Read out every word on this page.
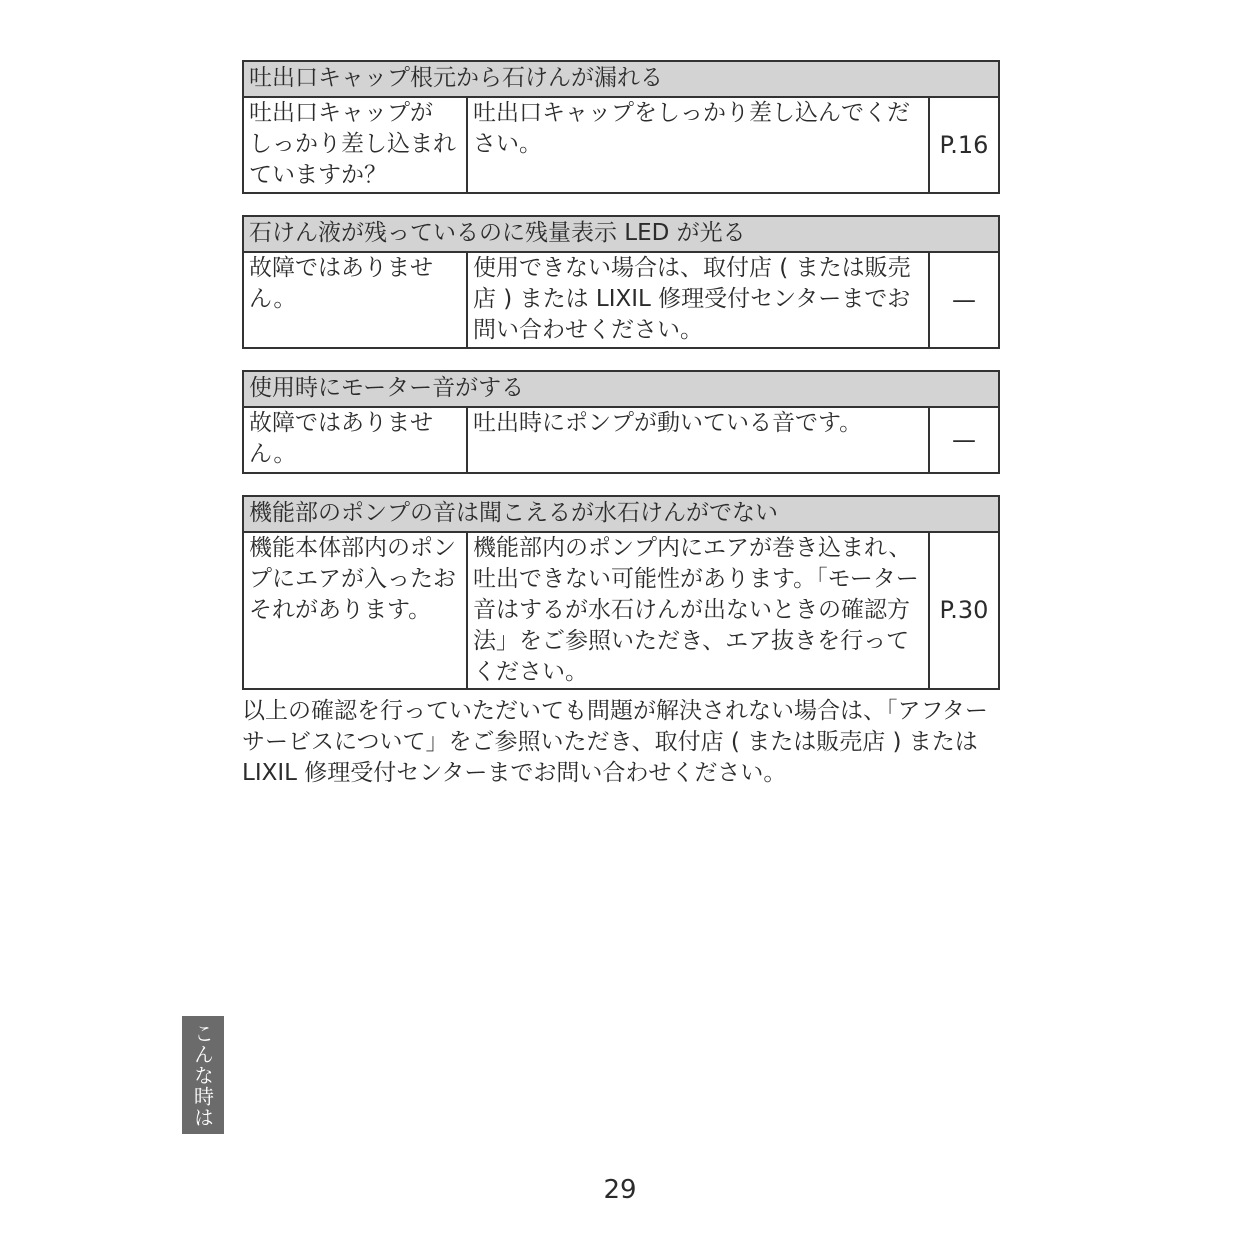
吐出口キャップ根元から石けんが漏れる
吐出口キャップが
しっかり差し込まれ
ていますか？	吐出口キャップをしっかり差し込んでくだ
さい。	P.16
石けん液が残っているのに残量表示 LED が光る
故障ではありませ
ん。	使用できない場合は、取付店 ( または販売
店 ) または LIXIL 修理受付センターまでお
問い合わせください。	—
使用時にモーター音がする
故障ではありませ
ん。	吐出時にポンプが動いている音です。	—
機能部のポンプの音は聞こえるが水石けんがでない
機能本体部内のポン
プにエアが入ったお
それがあります。	機能部内のポンプ内にエアが巻き込まれ、
吐出できない可能性があります。「モーター
音はするが水石けんが出ないときの確認方
法」をご参照いただき、エア抜きを行って
ください。	P.30

以上の確認を行っていただいても問題が解決されない場合は、「アフター
サービスについて」をご参照いただき、取付店 ( または販売店 ) または
LIXIL 修理受付センターまでお問い合わせください。

こんな時は
29
